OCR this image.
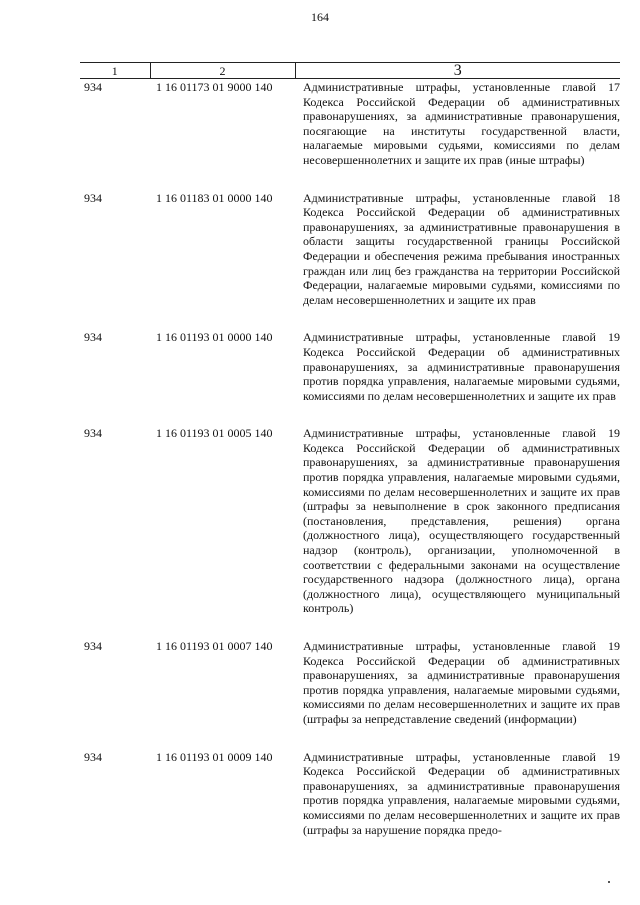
164
1	2	3
934	1 16 01173 01 9000 140	Административные штрафы, установленные главой 17 Кодекса Российской Федерации об административных правонарушениях, за административные правонарушения, посягающие на институты государственной власти, налагаемые мировыми судьями, комиссиями по делам несовершеннолетних и защите их прав (иные штрафы)
934	1 16 01183 01 0000 140	Административные штрафы, установленные главой 18 Кодекса Российской Федерации об административных правонарушениях, за административные правонарушения в области защиты государственной границы Российской Федерации и обеспечения режима пребывания иностранных граждан или лиц без гражданства на территории Российской Федерации, налагаемые мировыми судьями, комиссиями по делам несовершеннолетних и защите их прав
934	1 16 01193 01 0000 140	Административные штрафы, установленные главой 19 Кодекса Российской Федерации об административных правонарушениях, за административные правонарушения против порядка управления, налагаемые мировыми судьями, комиссиями по делам несовершеннолетних и защите их прав
934	1 16 01193 01 0005 140	Административные штрафы, установленные главой 19 Кодекса Российской Федерации об административных правонарушениях, за административные правонарушения против порядка управления, налагаемые мировыми судьями, комиссиями по делам несовершеннолетних и защите их прав (штрафы за невыполнение в срок законного предписания (постановления, представления, решения) органа (должностного лица), осуществляющего государственный надзор (контроль), организации, уполномоченной в соответствии с федеральными законами на осуществление государственного надзора (должностного лица), органа (должностного лица), осуществляющего муниципальный контроль)
934	1 16 01193 01 0007 140	Административные штрафы, установленные главой 19 Кодекса Российской Федерации об административных правонарушениях, за административные правонарушения против порядка управления, налагаемые мировыми судьями, комиссиями по делам несовершеннолетних и защите их прав (штрафы за непредставление сведений (информации)
934	1 16 01193 01 0009 140	Административные штрафы, установленные главой 19 Кодекса Российской Федерации об административных правонарушениях, за административные правонарушения против порядка управления, налагаемые мировыми судьями, комиссиями по делам несовершеннолетних и защите их прав (штрафы за нарушение порядка предо-
